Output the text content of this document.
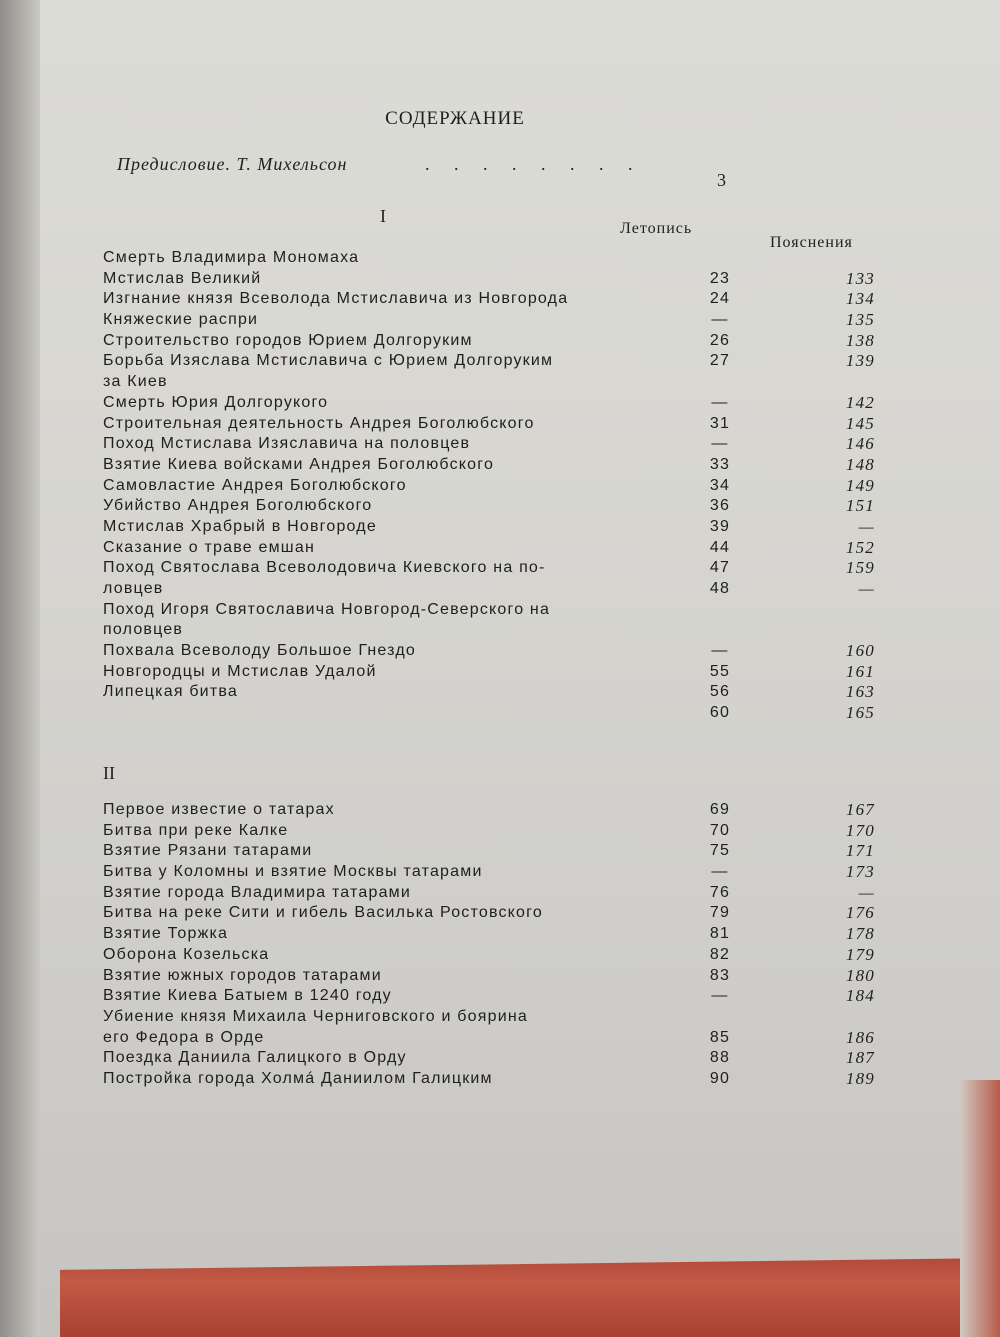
СОДЕРЖАНИЕ
Предисловие. Т. Михельсон	. . . . . . . .
3
I
Летопись
Пояснения
Смерть Владимира Мономаха
Мстислав Великий	23	133
Изгнание князя Всеволода Мстиславича из Новгорода	24	134
Княжеские распри	—	135
Строительство городов Юрием Долгоруким	26	138
Борьба Изяслава Мстиславича с Юрием Долгоруким	27	139
за Киев
Смерть Юрия Долгорукого	—	142
Строительная деятельность Андрея Боголюбского	31	145
Поход Мстислава Изяславича на половцев	—	146
Взятие Киева войсками Андрея Боголюбского	33	148
Самовластие Андрея Боголюбского	34	149
Убийство Андрея Боголюбского	36	151
Мстислав Храбрый в Новгороде	39	—
Сказание о траве емшан	44	152
Поход Святослава Всеволодовича Киевского на по-	47	159
ловцев	48	—
Поход Игоря Святославича Новгород-Северского на
половцев
Похвала Всеволоду Большое Гнездо	—	160
Новгородцы и Мстислав Удалой	55	161
Липецкая битва	56	163
60	165
II
Первое известие о татарах	69	167
Битва при реке Калке	70	170
Взятие Рязани татарами	75	171
Битва у Коломны и взятие Москвы татарами	—	173
Взятие города Владимира татарами	76	—
Битва на реке Сити и гибель Василька Ростовского	79	176
Взятие Торжка	81	178
Оборона Козельска	82	179
Взятие южных городов татарами	83	180
Взятие Киева Батыем в 1240 году	—	184
Убиение князя Михаила Черниговского и боярина
его Федора в Орде	85	186
Поездка Даниила Галицкого в Орду	88	187
Постройка города Холмá Даниилом Галицким	90	189
